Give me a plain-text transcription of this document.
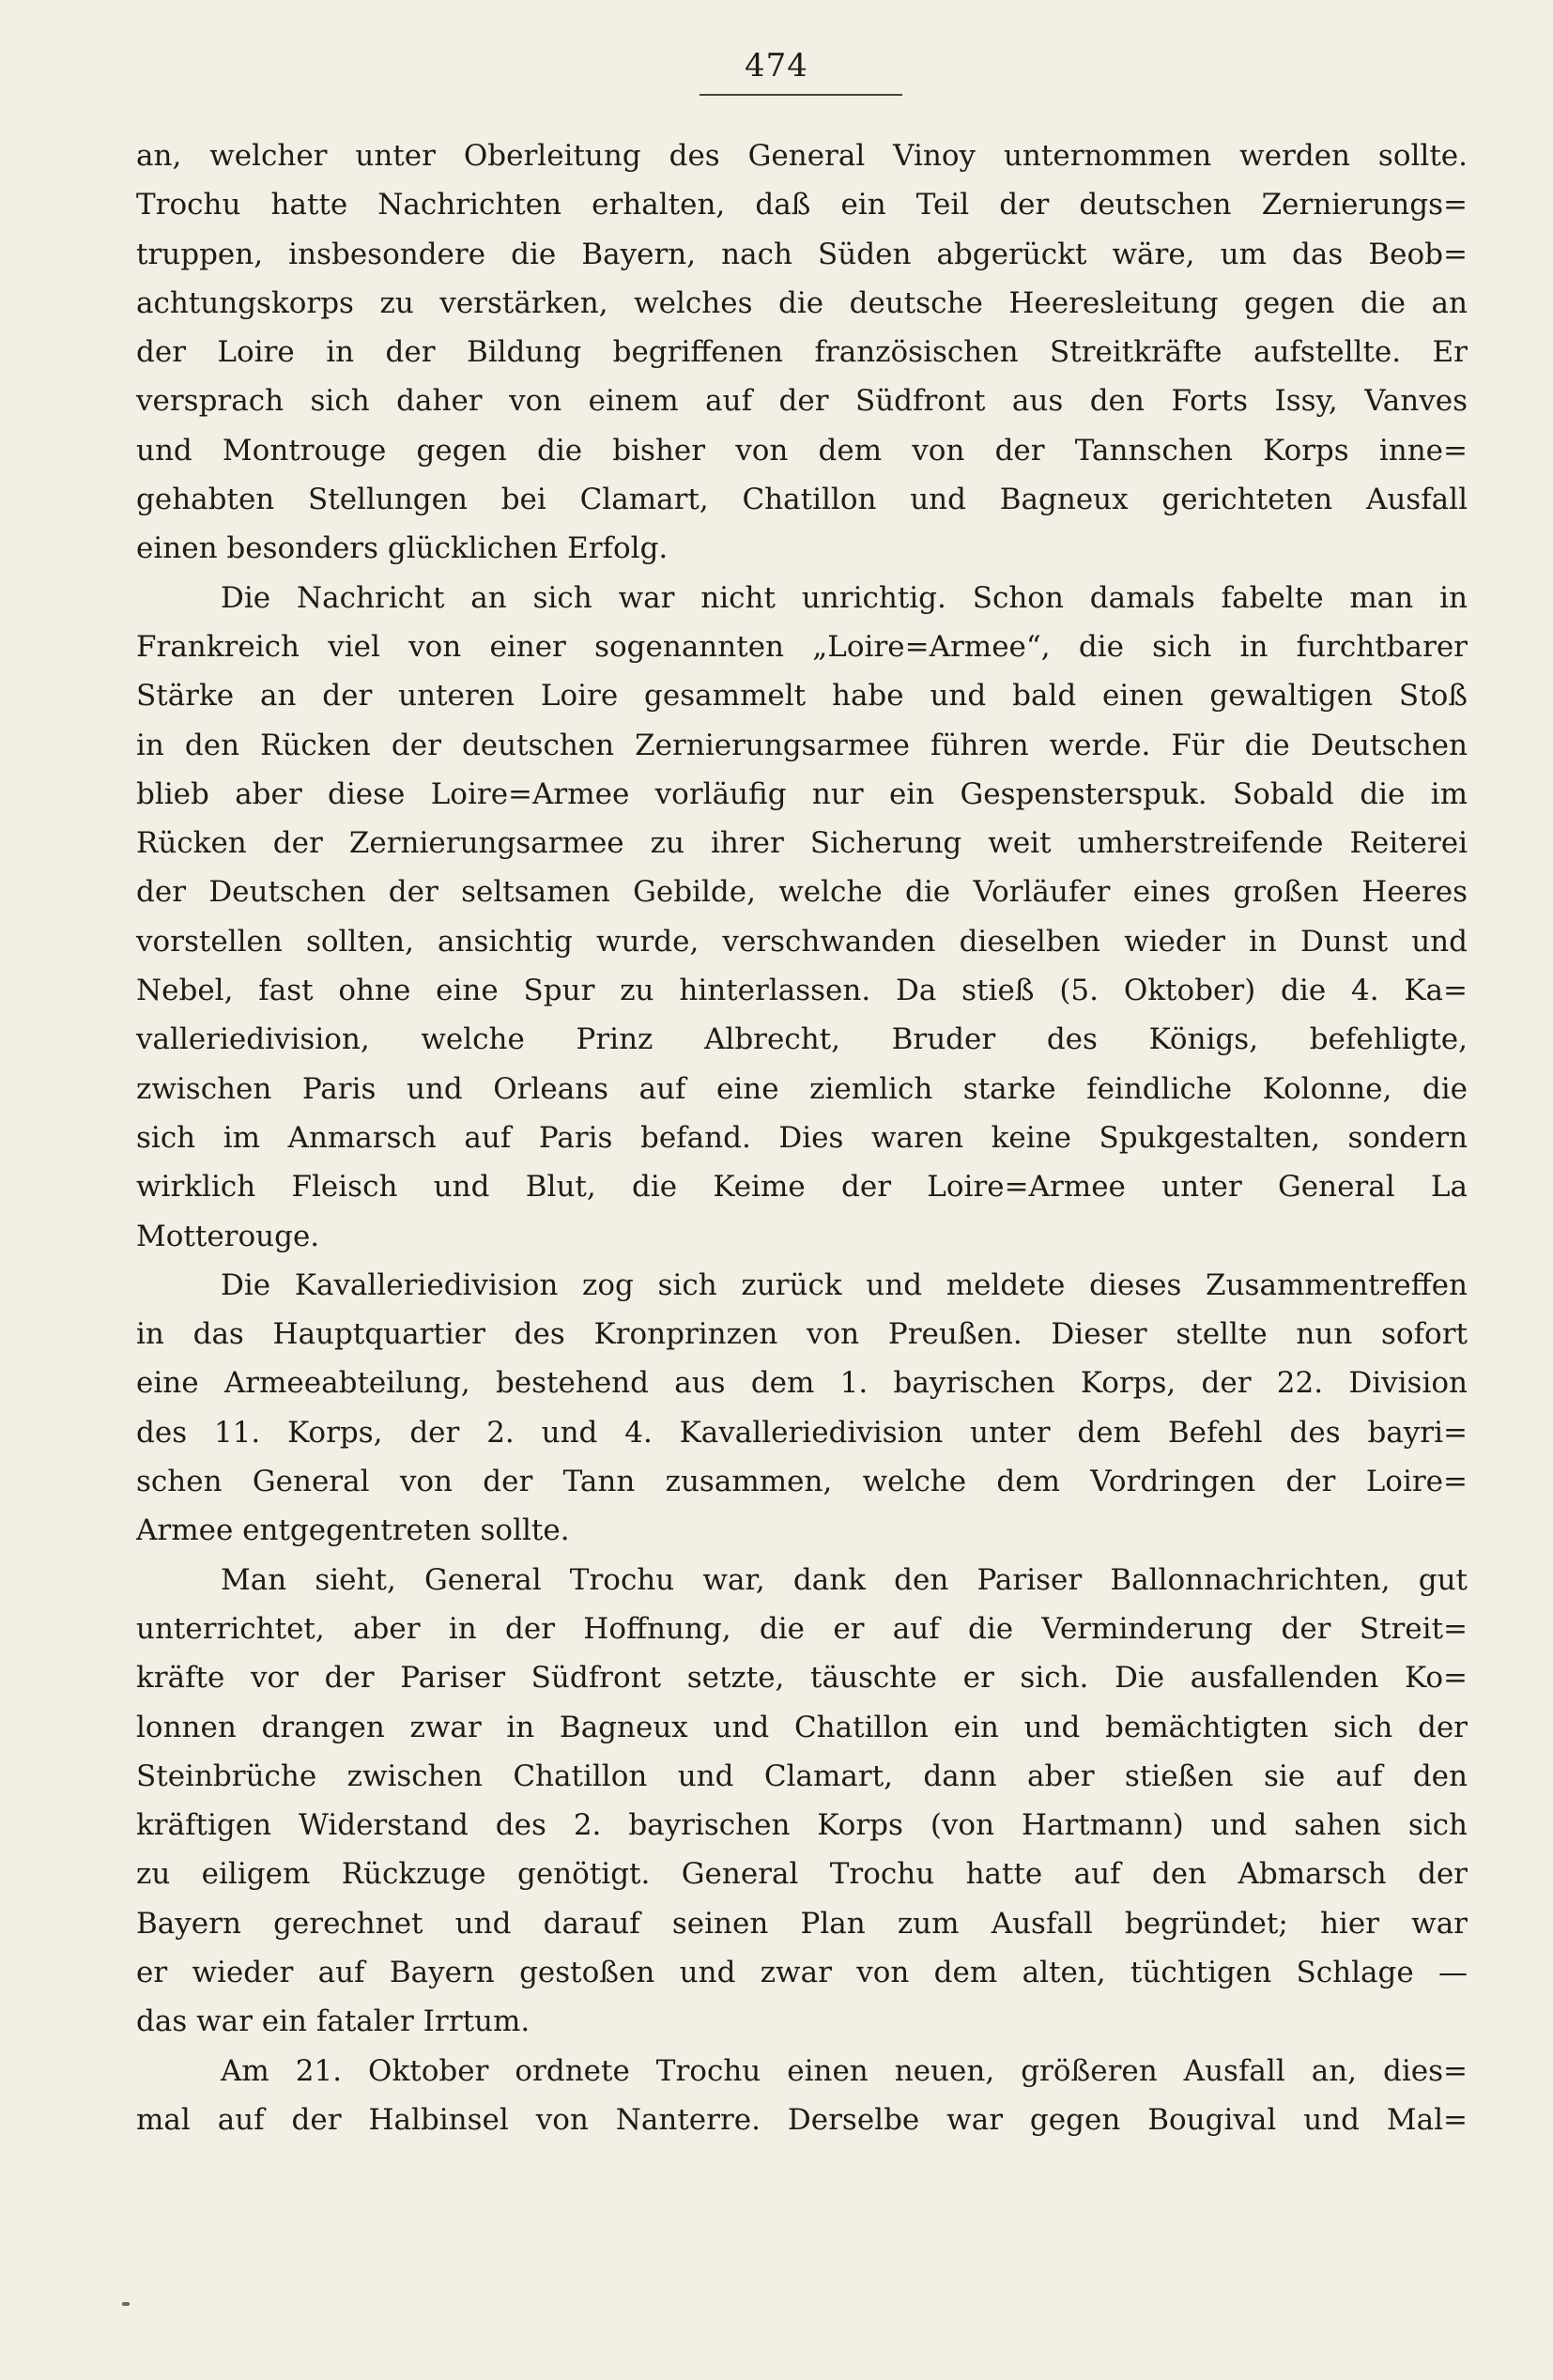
474
an, welcher unter Oberleitung des General Vinoy unternommen werden sollte.
Trochu hatte Nachrichten erhalten, daß ein Teil der deutschen Zernierungs=
truppen, insbesondere die Bayern, nach Süden abgerückt wäre, um das Beob=
achtungskorps zu verstärken, welches die deutsche Heeresleitung gegen die an
der Loire in der Bildung begriffenen französischen Streitkräfte aufstellte. Er
versprach sich daher von einem auf der Südfront aus den Forts Issy, Vanves
und Montrouge gegen die bisher von dem von der Tannschen Korps inne=
gehabten Stellungen bei Clamart, Chatillon und Bagneux gerichteten Ausfall
einen besonders glücklichen Erfolg.
Die Nachricht an sich war nicht unrichtig. Schon damals fabelte man in
Frankreich viel von einer sogenannten „Loire=Armee“, die sich in furchtbarer
Stärke an der unteren Loire gesammelt habe und bald einen gewaltigen Stoß
in den Rücken der deutschen Zernierungsarmee führen werde. Für die Deutschen
blieb aber diese Loire=Armee vorläufig nur ein Gespensterspuk. Sobald die im
Rücken der Zernierungsarmee zu ihrer Sicherung weit umherstreifende Reiterei
der Deutschen der seltsamen Gebilde, welche die Vorläufer eines großen Heeres
vorstellen sollten, ansichtig wurde, verschwanden dieselben wieder in Dunst und
Nebel, fast ohne eine Spur zu hinterlassen. Da stieß (5. Oktober) die 4. Ka=
valleriedivision, welche Prinz Albrecht, Bruder des Königs, befehligte,
zwischen Paris und Orleans auf eine ziemlich starke feindliche Kolonne, die
sich im Anmarsch auf Paris befand. Dies waren keine Spukgestalten, sondern
wirklich Fleisch und Blut, die Keime der Loire=Armee unter General La
Motterouge.
Die Kavalleriedivision zog sich zurück und meldete dieses Zusammentreffen
in das Hauptquartier des Kronprinzen von Preußen. Dieser stellte nun sofort
eine Armeeabteilung, bestehend aus dem 1. bayrischen Korps, der 22. Division
des 11. Korps, der 2. und 4. Kavalleriedivision unter dem Befehl des bayri=
schen General von der Tann zusammen, welche dem Vordringen der Loire=
Armee entgegentreten sollte.
Man sieht, General Trochu war, dank den Pariser Ballonnachrichten, gut
unterrichtet, aber in der Hoffnung, die er auf die Verminderung der Streit=
kräfte vor der Pariser Südfront setzte, täuschte er sich. Die ausfallenden Ko=
lonnen drangen zwar in Bagneux und Chatillon ein und bemächtigten sich der
Steinbrüche zwischen Chatillon und Clamart, dann aber stießen sie auf den
kräftigen Widerstand des 2. bayrischen Korps (von Hartmann) und sahen sich
zu eiligem Rückzuge genötigt. General Trochu hatte auf den Abmarsch der
Bayern gerechnet und darauf seinen Plan zum Ausfall begründet; hier war
er wieder auf Bayern gestoßen und zwar von dem alten, tüchtigen Schlage —
das war ein fataler Irrtum.
Am 21. Oktober ordnete Trochu einen neuen, größeren Ausfall an, dies=
mal auf der Halbinsel von Nanterre. Derselbe war gegen Bougival und Mal=
